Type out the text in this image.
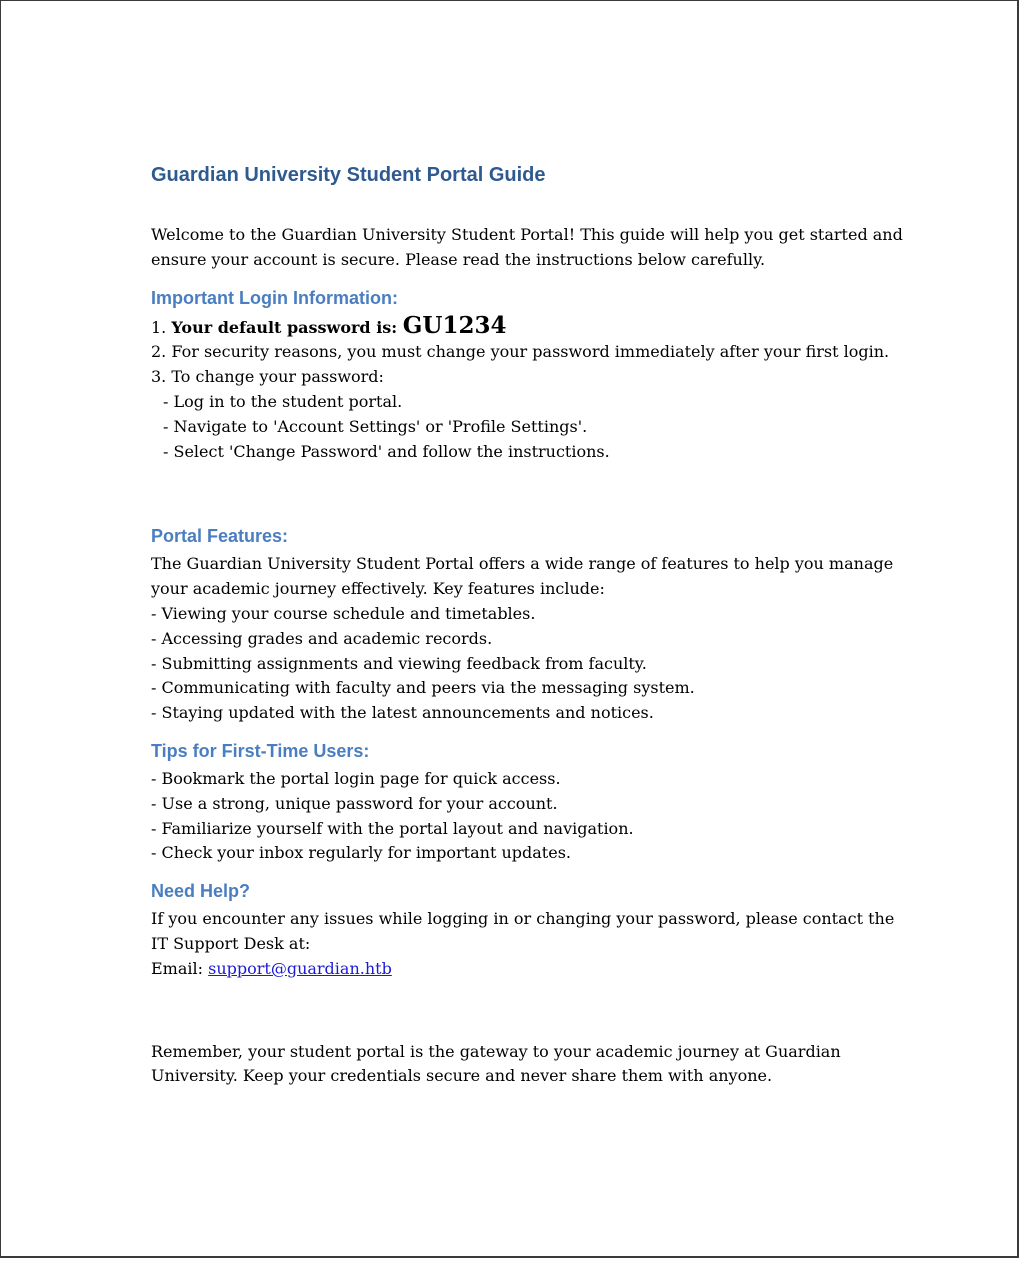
Guardian University Student Portal Guide

Welcome to the Guardian University Student Portal! This guide will help you get started and
ensure your account is secure. Please read the instructions below carefully.

Important Login Information:
1. Your default password is: GU1234
2. For security reasons, you must change your password immediately after your first login.
3. To change your password:
- Log in to the student portal.
- Navigate to 'Account Settings' or 'Profile Settings'.
- Select 'Change Password' and follow the instructions.
Portal Features:
The Guardian University Student Portal offers a wide range of features to help you manage
your academic journey effectively. Key features include:
- Viewing your course schedule and timetables.
- Accessing grades and academic records.
- Submitting assignments and viewing feedback from faculty.
- Communicating with faculty and peers via the messaging system.
- Staying updated with the latest announcements and notices.
Tips for First-Time Users:
- Bookmark the portal login page for quick access.
- Use a strong, unique password for your account.
- Familiarize yourself with the portal layout and navigation.
- Check your inbox regularly for important updates.
Need Help?
If you encounter any issues while logging in or changing your password, please contact the
IT Support Desk at:
Email: support@guardian.htb

Remember, your student portal is the gateway to your academic journey at Guardian
University. Keep your credentials secure and never share them with anyone.
